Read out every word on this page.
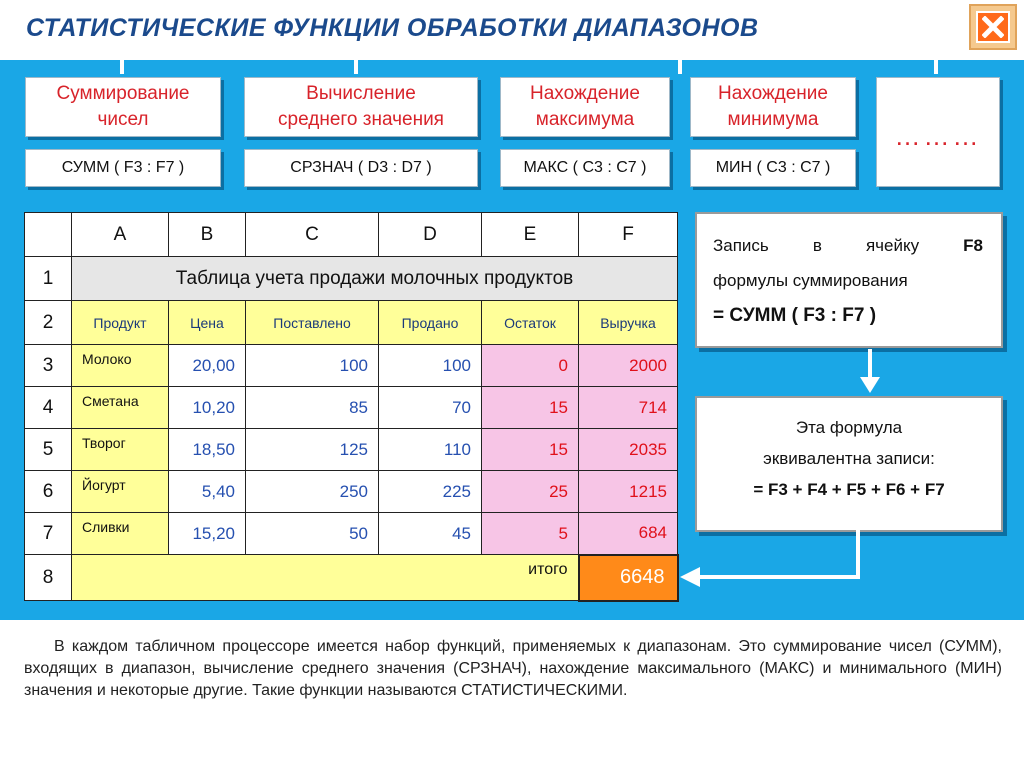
СТАТИСТИЧЕСКИЕ ФУНКЦИИ ОБРАБОТКИ ДИАПАЗОНОВ
Суммирование
чисел
Вычисление
среднего значения
Нахождение
максимума
Нахождение
минимума
СУММ ( F3 : F7 )	СРЗНАЧ ( D3 : D7 )	МАКС ( C3 : C7 )	МИН ( C3 : C7 )
………
	A	B	C	D	E	F
1	Таблица учета продажи молочных продуктов					
2	Продукт	Цена	Поставлено	Продано	Остаток	Выручка
3	Молоко	20,00	100	100	0	2000
4	Сметана	10,20	85	70	15	714
5	Творог	18,50	125	110	15	2035
6	Йогурт	5,40	250	225	25	1215
7	Сливки	15,20	50	45	5	684
8	итого					6648
Запись	в	ячейку	F8
формулы суммирования
= СУММ ( F3 : F7 )
Эта формула
эквивалентна записи:
= F3 + F4 + F5 + F6 + F7

В каждом табличном процессоре имеется набор функций, применяемых к диапазонам. Это суммирование чисел (СУММ), входящих в диапазон, вычисление среднего значения (СРЗНАЧ), нахождение максимального (МАКС) и минимального (МИН) значения и некоторые другие. Такие функции называются СТАТИСТИЧЕСКИМИ.
